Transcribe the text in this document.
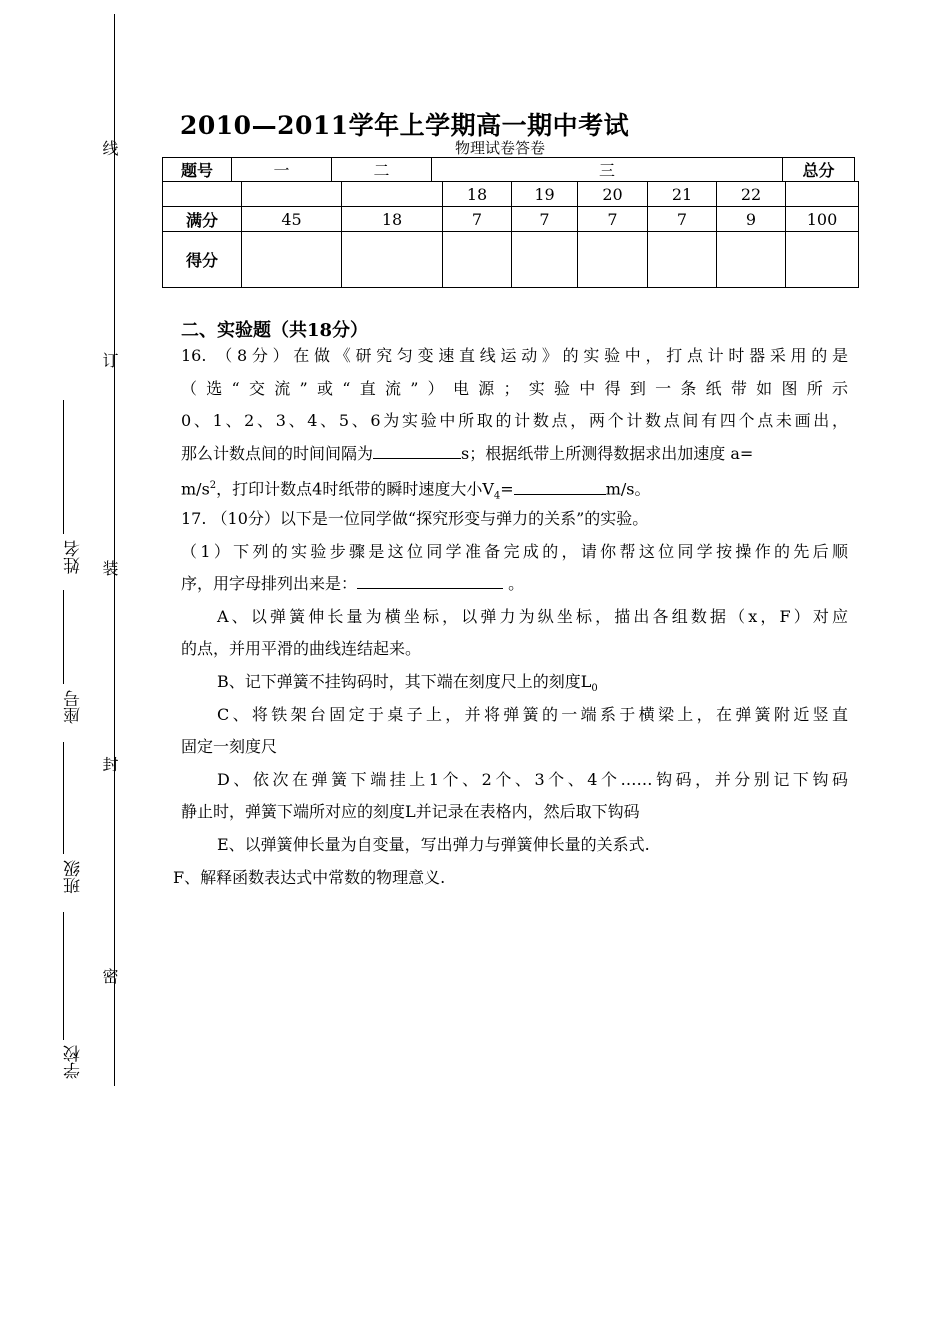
学校
班级
座号
姓名
线
订
装
封
密
2010—2011学年上学期高一期中考试
物理试卷答卷
题号	一	二	三	总分
			18	19	20	21	22	
满分	45	18	7	7	7	7	9	100
得分								
二、实验题（共18分）
16. （8分）在做《研究匀变速直线运动》的实验中，打点计时器采用的是
（选“交流”或“直流”）电源；实验中得到一条纸带如图所示
0、1、2、3、4、5、6为实验中所取的计数点，两个计数点间有四个点未画出，
那么计数点间的时间间隔为	s；根据纸带上所测得数据求出加速度 a=
$m/s^2$，打印计数点4时纸带的瞬时速度大小$V_4=$	m/s。
17. （10分）以下是一位同学做“探究形变与弹力的关系”的实验。
（1）下列的实验步骤是这位同学准备完成的，请你帮这位同学按操作的先后顺
序，用字母排列出来是：	。
A、以弹簧伸长量为横坐标，以弹力为纵坐标，描出各组数据（x，F）对应
的点，并用平滑的曲线连结起来。
B、记下弹簧不挂钩码时，其下端在刻度尺上的刻度$L_0$
C、将铁架台固定于桌子上，并将弹簧的一端系于横梁上，在弹簧附近竖直
固定一刻度尺
D、依次在弹簧下端挂上1个、2个、3个、4个……钩码，并分别记下钩码
静止时，弹簧下端所对应的刻度L并记录在表格内，然后取下钩码
E、以弹簧伸长量为自变量，写出弹力与弹簧伸长量的关系式.
F、解释函数表达式中常数的物理意义.
